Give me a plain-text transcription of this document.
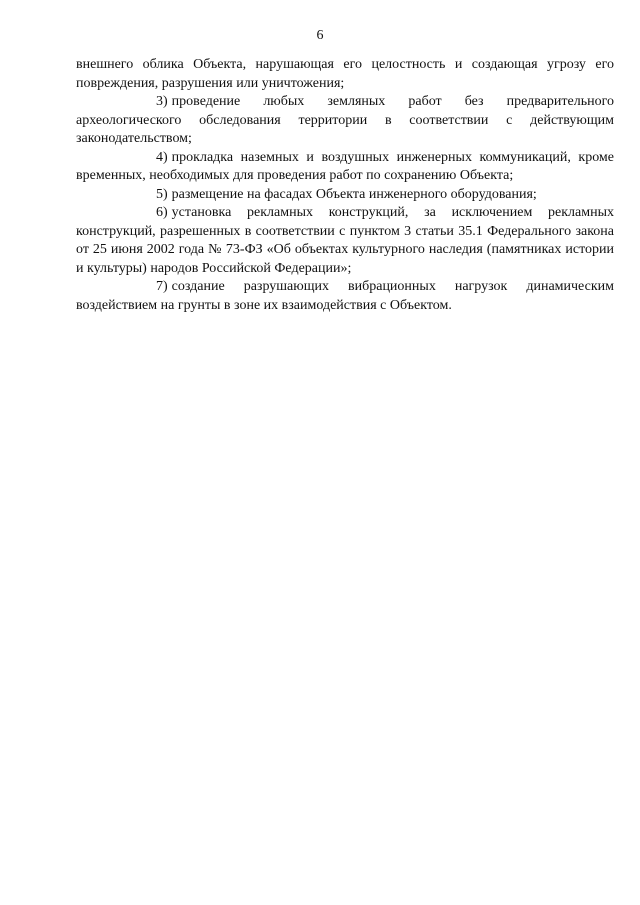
6

внешнего облика Объекта, нарушающая его целостность и создающая угрозу его повреждения, разрушения или уничтожения;

3) проведение любых земляных работ без предварительного археологического обследования территории в соответствии с действующим законодательством;

4) прокладка наземных и воздушных инженерных коммуникаций, кроме временных, необходимых для проведения работ по сохранению Объекта;

5) размещение на фасадах Объекта инженерного оборудования;

6) установка рекламных конструкций, за исключением рекламных конструкций, разрешенных в соответствии с пунктом 3 статьи 35.1 Федерального закона от 25 июня 2002 года № 73-ФЗ «Об объектах культурного наследия (памятниках истории и культуры) народов Российской Федерации»;

7) создание разрушающих вибрационных нагрузок динамическим воздействием на грунты в зоне их взаимодействия с Объектом.
